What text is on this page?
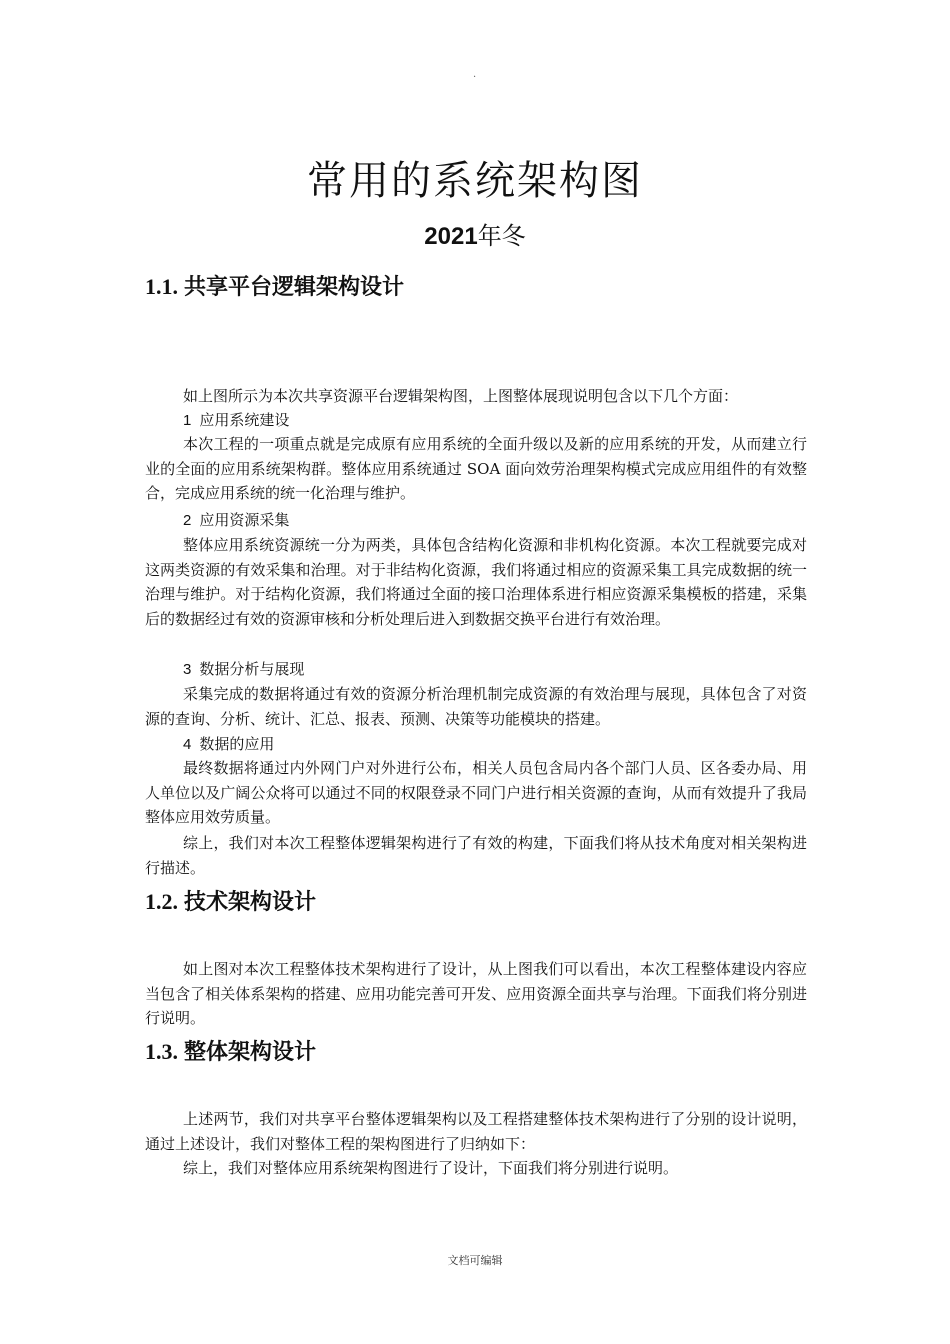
·
常用的系统架构图
2021年冬
1.1. 共享平台逻辑架构设计

如上图所示为本次共享资源平台逻辑架构图，上图整体展现说明包含以下几个方面：

1 应用系统建设

本次工程的一项重点就是完成原有应用系统的全面升级以及新的应用系统的开发，从而建立行业的全面的应用系统架构群。整体应用系统通过 SOA 面向效劳治理架构模式完成应用组件的有效整合，完成应用系统的统一化治理与维护。

2 应用资源采集

整体应用系统资源统一分为两类，具体包含结构化资源和非机构化资源。本次工程就要完成对这两类资源的有效采集和治理。对于非结构化资源，我们将通过相应的资源采集工具完成数据的统一治理与维护。对于结构化资源，我们将通过全面的接口治理体系进行相应资源采集模板的搭建，采集后的数据经过有效的资源审核和分析处理后进入到数据交换平台进行有效治理。

3 数据分析与展现

采集完成的数据将通过有效的资源分析治理机制完成资源的有效治理与展现，具体包含了对资源的查询、分析、统计、汇总、报表、预测、决策等功能模块的搭建。

4 数据的应用

最终数据将通过内外网门户对外进行公布，相关人员包含局内各个部门人员、区各委办局、用人单位以及广阔公众将可以通过不同的权限登录不同门户进行相关资源的查询，从而有效提升了我局整体应用效劳质量。

综上，我们对本次工程整体逻辑架构进行了有效的构建，下面我们将从技术角度对相关架构进行描述。

1.2. 技术架构设计

如上图对本次工程整体技术架构进行了设计，从上图我们可以看出，本次工程整体建设内容应当包含了相关体系架构的搭建、应用功能完善可开发、应用资源全面共享与治理。下面我们将分别进行说明。

1.3. 整体架构设计

上述两节，我们对共享平台整体逻辑架构以及工程搭建整体技术架构进行了分别的设计说明，通过上述设计，我们对整体工程的架构图进行了归纳如下：

综上，我们对整体应用系统架构图进行了设计，下面我们将分别进行说明。

文档可编辑
